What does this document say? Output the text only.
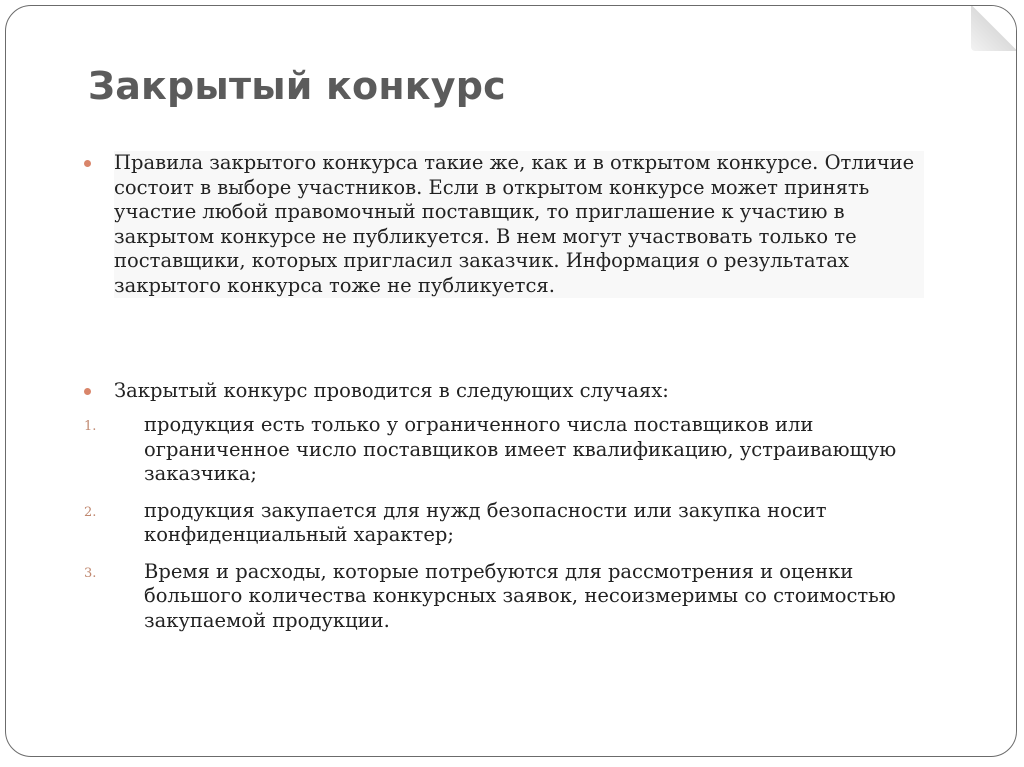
Закрытый конкурс

Правила закрытого конкурса такие же, как и в открытом конкурсе. Отличие состоит в выборе участников. Если в открытом конкурсе может принять участие любой правомочный поставщик, то приглашение к участию в закрытом конкурсе не публикуется. В нем могут участвовать только те поставщики, которых пригласил заказчик. Информация о результатах закрытого конкурса тоже не публикуется.

Закрытый конкурс проводится в следующих случаях:
1. продукция есть только у ограниченного числа поставщиков или ограниченное число поставщиков имеет квалификацию, устраивающую заказчика;
2. продукция закупается для нужд безопасности или закупка носит конфиденциальный характер;
3. Время и расходы, которые потребуются для рассмотрения и оценки большого количества конкурсных заявок, несоизмеримы со стоимостью закупаемой продукции.
